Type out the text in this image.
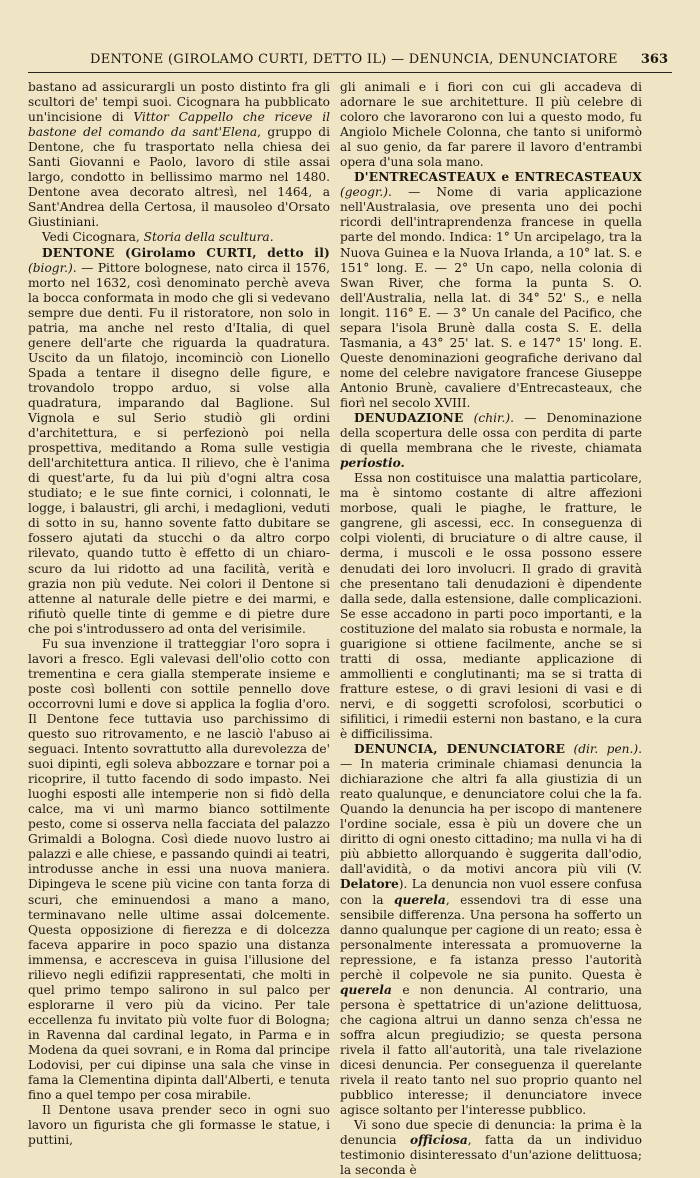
DENTONE (GIROLAMO CURTI, DETTO IL) — DENUNCIA, DENUNCIATORE 363

bastano ad assicurargli un posto distinto fra gli scultori de' tempi suoi. Cicognara ha pubblicato un'incisione di Vittor Cappello che riceve il bastone del comando da sant'Elena, gruppo di Dentone, che fu trasportato nella chiesa dei Santi Giovanni e Paolo, lavoro di stile assai largo, condotto in bellissimo marmo nel 1480. Dentone avea decorato altresì, nel 1464, a Sant'Andrea della Certosa, il mausoleo d'Orsato Giustiniani.

Vedi Cicognara, Storia della scultura.

DENTONE (Girolamo CURTI, detto il) (biogr.). — Pittore bolognese, nato circa il 1576, morto nel 1632, così denominato perchè aveva la bocca conformata in modo che gli si vedevano sempre due denti. Fu il ristoratore, non solo in patria, ma anche nel resto d'Italia, di quel genere dell'arte che riguarda la quadratura. Uscito da un filatojo, incominciò con Lionello Spada a tentare il disegno delle figure, e trovandolo troppo arduo, si volse alla quadratura, imparando dal Baglione. Sul Vignola e sul Serio studiò gli ordini d'architettura, e si perfezionò poi nella prospettiva, meditando a Roma sulle vestigia dell'architettura antica. Il rilievo, che è l'anima di quest'arte, fu da lui più d'ogni altra cosa studiato; e le sue finte cornici, i colonnati, le logge, i balaustri, gli archi, i medaglioni, veduti di sotto in su, hanno sovente fatto dubitare se fossero ajutati da stucchi o da altro corpo rilevato, quando tutto è effetto di un chiaro-scuro da lui ridotto ad una facilità, verità e grazia non più vedute. Nei colori il Dentone si attenne al naturale delle pietre e dei marmi, e rifiutò quelle tinte di gemme e di pietre dure che poi s'introdussero ad onta del verisimile.

Fu sua invenzione il tratteggiar l'oro sopra i lavori a fresco. Egli valevasi dell'olio cotto con trementina e cera gialla stemperate insieme e poste così bollenti con sottile pennello dove occorrovni lumi e dove si applica la foglia d'oro. Il Dentone fece tuttavia uso parchissimo di questo suo ritrovamento, e ne lasciò l'abuso ai seguaci. Intento sovrattutto alla durevolezza de' suoi dipinti, egli soleva abbozzare e tornar poi a ricoprire, il tutto facendo di sodo impasto. Nei luoghi esposti alle intemperie non si fidò della calce, ma vi unì marmo bianco sottilmente pesto, come si osserva nella facciata del palazzo Grimaldi a Bologna. Così diede nuovo lustro ai palazzi e alle chiese, e passando quindi ai teatri, introdusse anche in essi una nuova maniera. Dipingeva le scene più vicine con tanta forza di scuri, che eminuendosi a mano a mano, terminavano nelle ultime assai dolcemente. Questa opposizione di fierezza e di dolcezza faceva apparire in poco spazio una distanza immensa, e accresceva in guisa l'illusione del rilievo negli edifizii rappresentati, che molti in quel primo tempo salirono in sul palco per esplorarne il vero più da vicino. Per tale eccellenza fu invitato più volte fuor di Bologna; in Ravenna dal cardinal legato, in Parma e in Modena da quei sovrani, e in Roma dal principe Lodovisi, per cui dipinse una sala che vinse in fama la Clementina dipinta dall'Alberti, e tenuta fino a quel tempo per cosa mirabile.

Il Dentone usava prender seco in ogni suo lavoro un figurista che gli formasse le statue, i puttini,

gli animali e i fiori con cui gli accadeva di adornare le sue architetture. Il più celebre di coloro che lavorarono con lui a questo modo, fu Angiolo Michele Colonna, che tanto si uniformò al suo genio, da far parere il lavoro d'entrambi opera d'una sola mano.

D'ENTRECASTEAUX e ENTRECASTEAUX (geogr.). — Nome di varia applicazione nell'Australasia, ove presenta uno dei pochi ricordi dell'intraprendenza francese in quella parte del mondo. Indica: 1° Un arcipelago, tra la Nuova Guinea e la Nuova Irlanda, a 10° lat. S. e 151° long. E. — 2° Un capo, nella colonia di Swan River, che forma la punta S. O. dell'Australia, nella lat. di 34° 52' S., e nella longit. 116° E. — 3° Un canale del Pacifico, che separa l'isola Brunè dalla costa S. E. della Tasmania, a 43° 25' lat. S. e 147° 15' long. E. Queste denominazioni geografiche derivano dal nome del celebre navigatore francese Giuseppe Antonio Brunè, cavaliere d'Entrecasteaux, che fiorì nel secolo XVIII.

DENUDAZIONE (chir.). — Denominazione della scopertura delle ossa con perdita di parte di quella membrana che le riveste, chiamata periostio.

Essa non costituisce una malattia particolare, ma è sintomo costante di altre affezioni morbose, quali le piaghe, le fratture, le gangrene, gli ascessi, ecc. In conseguenza di colpi violenti, di bruciature o di altre cause, il derma, i muscoli e le ossa possono essere denudati dei loro involucri. Il grado di gravità che presentano tali denudazioni è dipendente dalla sede, dalla estensione, dalle complicazioni. Se esse accadono in parti poco importanti, e la costituzione del malato sia robusta e normale, la guarigione si ottiene facilmente, anche se si tratti di ossa, mediante applicazione di ammollienti e conglutinanti; ma se si tratta di fratture estese, o di gravi lesioni di vasi e di nervi, e di soggetti scrofolosi, scorbutici o sifilitici, i rimedii esterni non bastano, e la cura è difficilissima.

DENUNCIA, DENUNCIATORE (dir. pen.). — In materia criminale chiamasi denuncia la dichiarazione che altri fa alla giustizia di un reato qualunque, e denunciatore colui che la fa. Quando la denuncia ha per iscopo di mantenere l'ordine sociale, essa è più un dovere che un diritto di ogni onesto cittadino; ma nulla vi ha di più abbietto allorquando è suggerita dall'odio, dall'avidità, o da motivi ancora più vili (V. Delatore). La denuncia non vuol essere confusa con la querela, essendovi tra di esse una sensibile differenza. Una persona ha sofferto un danno qualunque per cagione di un reato; essa è personalmente interessata a promuoverne la repressione, e fa istanza presso l'autorità perchè il colpevole ne sia punito. Questa è querela e non denuncia. Al contrario, una persona è spettatrice di un'azione delittuosa, che cagiona altrui un danno senza ch'essa ne soffra alcun pregiudizio; se questa persona rivela il fatto all'autorità, una tale rivelazione dicesi denuncia. Per conseguenza il querelante rivela il reato tanto nel suo proprio quanto nel pubblico interesse; il denunciatore invece agisce soltanto per l'interesse pubblico.

Vi sono due specie di denuncia: la prima è la denuncia officiosa, fatta da un individuo testimonio disinteressato d'un'azione delittuosa; la seconda è
